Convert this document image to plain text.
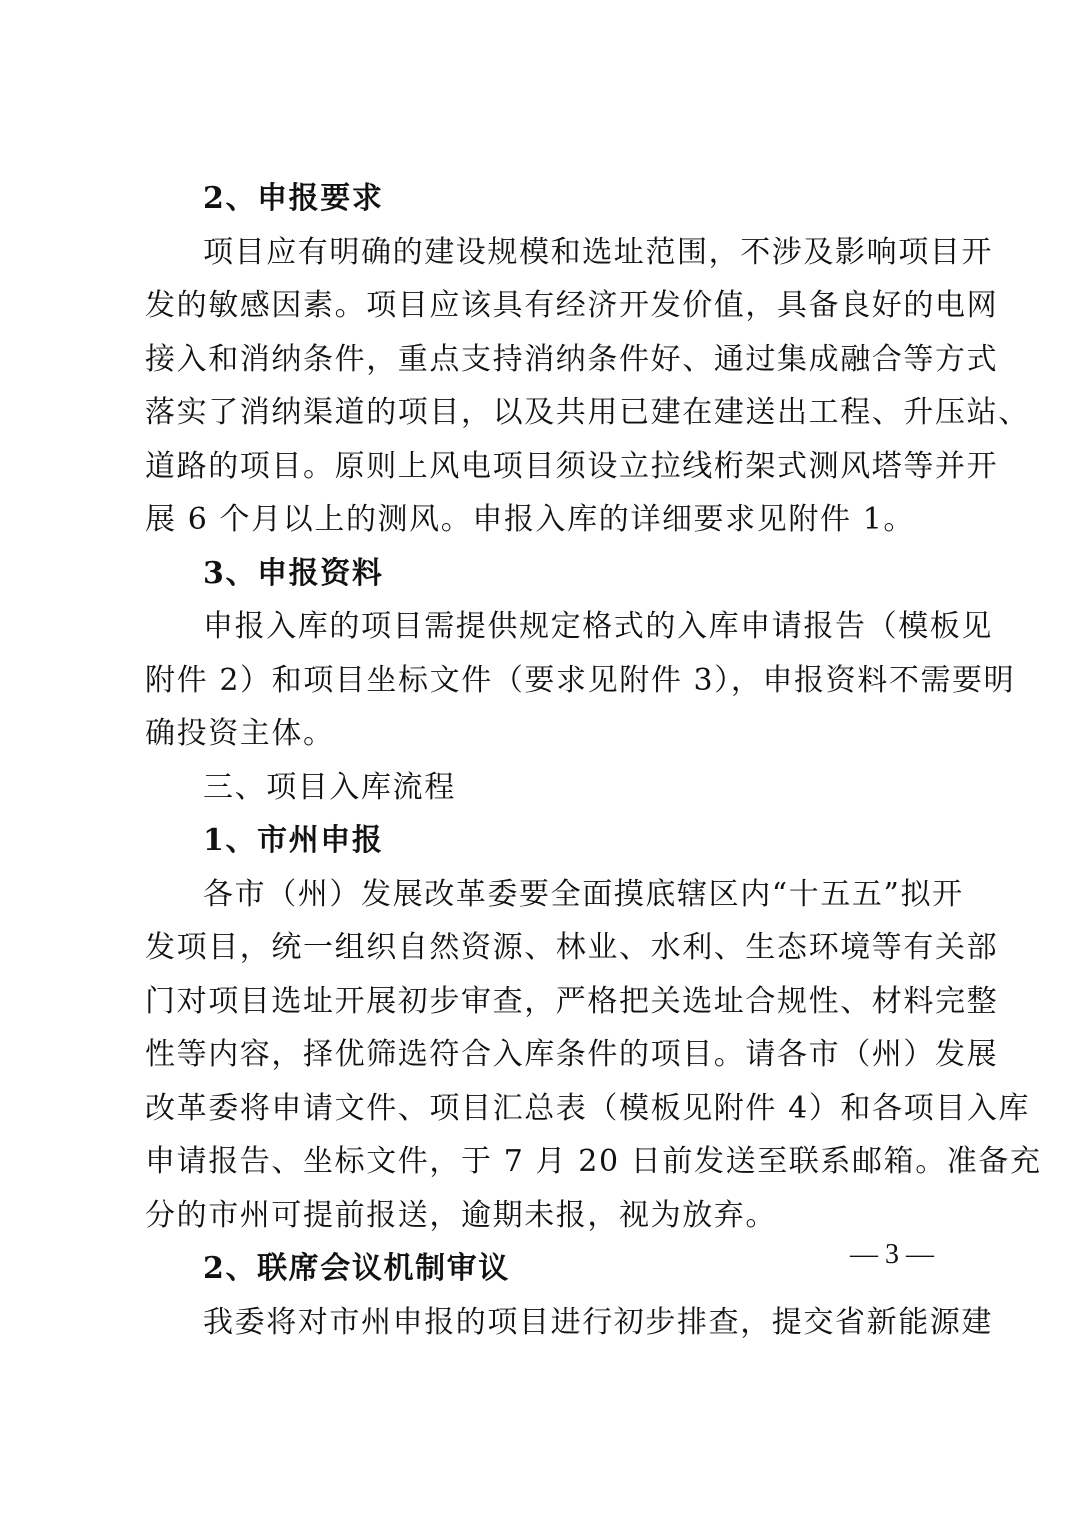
2、申报要求
项目应有明确的建设规模和选址范围，不涉及影响项目开
发的敏感因素。项目应该具有经济开发价值，具备良好的电网
接入和消纳条件，重点支持消纳条件好、通过集成融合等方式
落实了消纳渠道的项目，以及共用已建在建送出工程、升压站、
道路的项目。原则上风电项目须设立拉线桁架式测风塔等并开
展 6 个月以上的测风。申报入库的详细要求见附件 1。
3、申报资料
申报入库的项目需提供规定格式的入库申请报告（模板见
附件 2）和项目坐标文件（要求见附件 3），申报资料不需要明
确投资主体。
三、项目入库流程
1、市州申报
各市（州）发展改革委要全面摸底辖区内“十五五”拟开
发项目，统一组织自然资源、林业、水利、生态环境等有关部
门对项目选址开展初步审查，严格把关选址合规性、材料完整
性等内容，择优筛选符合入库条件的项目。请各市（州）发展
改革委将申请文件、项目汇总表（模板见附件 4）和各项目入库
申请报告、坐标文件，于 7 月 20 日前发送至联系邮箱。准备充
分的市州可提前报送，逾期未报，视为放弃。
2、联席会议机制审议
我委将对市州申报的项目进行初步排查，提交省新能源建
— 3 —
